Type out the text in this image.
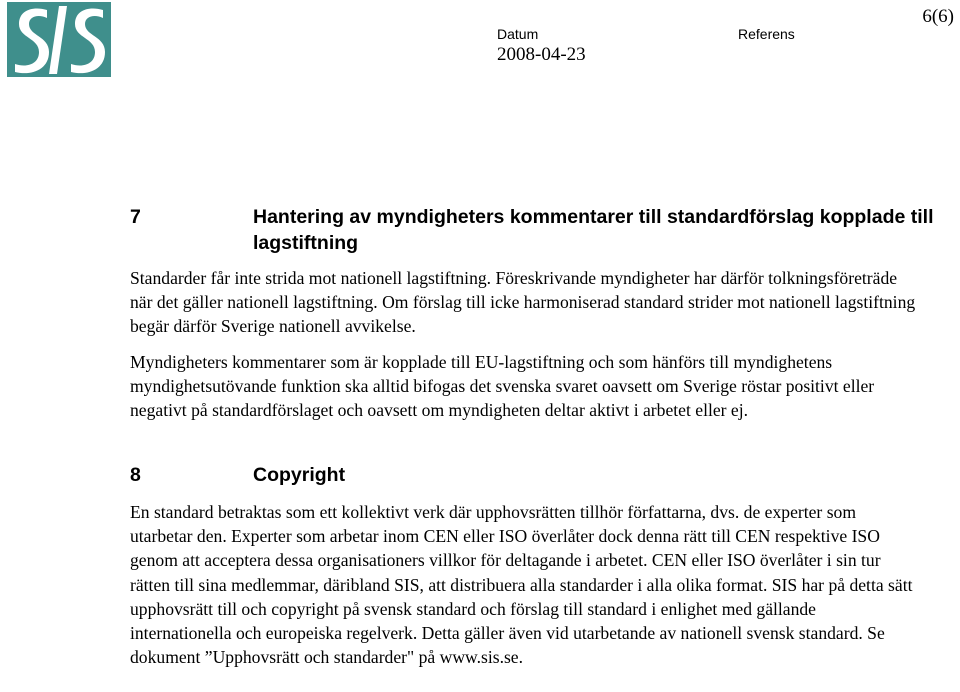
Datum
2008-04-23
Referens
6(6)
7	Hantering av myndigheters kommentarer till standardförslag kopplade till lagstiftning

Standarder får inte strida mot nationell lagstiftning. Föreskrivande myndigheter har därför tolkningsföreträde när det gäller nationell lagstiftning. Om förslag till icke harmoniserad standard strider mot nationell lagstiftning begär därför Sverige nationell avvikelse.

Myndigheters kommentarer som är kopplade till EU-lagstiftning och som hänförs till myndighetens myndighetsutövande funktion ska alltid bifogas det svenska svaret oavsett om Sverige röstar positivt eller negativt på standardförslaget och oavsett om myndigheten deltar aktivt i arbetet eller ej.

8	Copyright

En standard betraktas som ett kollektivt verk där upphovsrätten tillhör författarna, dvs. de experter som utarbetar den. Experter som arbetar inom CEN eller ISO överlåter dock denna rätt till CEN respektive ISO genom att acceptera dessa organisationers villkor för deltagande i arbetet. CEN eller ISO överlåter i sin tur rätten till sina medlemmar, däribland SIS, att distribuera alla standarder i alla olika format. SIS har på detta sätt upphovsrätt till och copyright på svensk standard och förslag till standard i enlighet med gällande internationella och europeiska regelverk. Detta gäller även vid utarbetande av nationell svensk standard. Se dokument ”Upphovsrätt och standarder" på www.sis.se.
